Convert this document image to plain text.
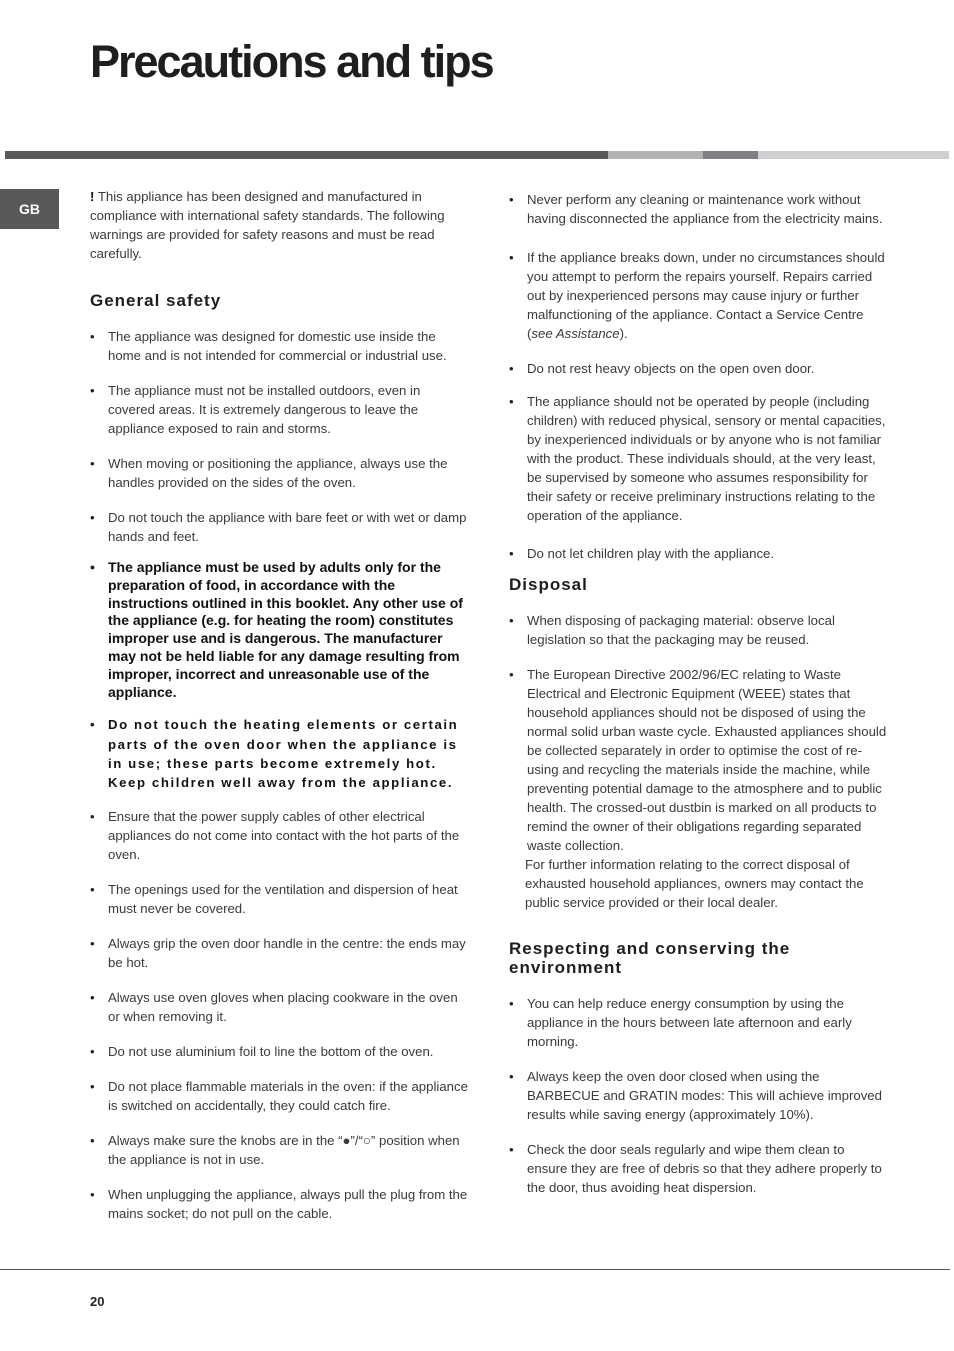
Precautions and tips
GB

! This appliance has been designed and manufactured in compliance with international safety standards. The following warnings are provided for safety reasons and must be read carefully.

General safety
• The appliance was designed for domestic use inside the home and is not intended for commercial or industrial use.
• The appliance must not be installed outdoors, even in covered areas. It is extremely dangerous to leave the appliance exposed to rain and storms.
• When moving or positioning the appliance, always use the handles provided on the sides of the oven.
• Do not touch the appliance with bare feet or with wet or damp hands and feet.
• The appliance must be used by adults only for the preparation of food, in accordance with the instructions outlined in this booklet. Any other use of the appliance (e.g. for heating the room) constitutes improper use and is dangerous. The manufacturer may not be held liable for any damage resulting from improper, incorrect and unreasonable use of the appliance.
• Do not touch the heating elements or certain parts of the oven door when the appliance is in use; these parts become extremely hot. Keep children well away from the appliance.
• Ensure that the power supply cables of other electrical appliances do not come into contact with the hot parts of the oven.
• The openings used for the ventilation and dispersion of heat must never be covered.
• Always grip the oven door handle in the centre: the ends may be hot.
• Always use oven gloves when placing cookware in the oven or when removing it.
• Do not use aluminium foil to line the bottom of the oven.
• Do not place flammable materials in the oven: if the appliance is switched on accidentally, they could catch fire.
• Always make sure the knobs are in the “●”/“○” position when the appliance is not in use.
• When unplugging the appliance, always pull the plug from the mains socket; do not pull on the cable.
• Never perform any cleaning or maintenance work without having disconnected the appliance from the electricity mains.
• If the appliance breaks down, under no circumstances should you attempt to perform the repairs yourself. Repairs carried out by inexperienced persons may cause injury or further malfunctioning of the appliance. Contact a Service Centre (see Assistance).
• Do not rest heavy objects on the open oven door.
• The appliance should not be operated by people (including children) with reduced physical, sensory or mental capacities, by inexperienced individuals or by anyone who is not familiar with the product. These individuals should, at the very least, be supervised by someone who assumes responsibility for their safety or receive preliminary instructions relating to the operation of the appliance.
• Do not let children play with the appliance.
Disposal
• When disposing of packaging material: observe local legislation so that the packaging may be reused.
• The European Directive 2002/96/EC relating to Waste Electrical and Electronic Equipment (WEEE) states that household appliances should not be disposed of using the normal solid urban waste cycle. Exhausted appliances should be collected separately in order to optimise the cost of re-using and recycling the materials inside the machine, while preventing potential damage to the atmosphere and to public health. The crossed-out dustbin is marked on all products to remind the owner of their obligations regarding separated waste collection.

For further information relating to the correct disposal of exhausted household appliances, owners may contact the public service provided or their local dealer.

Respecting and conserving the environment
• You can help reduce energy consumption by using the appliance in the hours between late afternoon and early morning.
• Always keep the oven door closed when using the BARBECUE and GRATIN modes: This will achieve improved results while saving energy (approximately 10%).
• Check the door seals regularly and wipe them clean to ensure they are free of debris so that they adhere properly to the door, thus avoiding heat dispersion.
20
